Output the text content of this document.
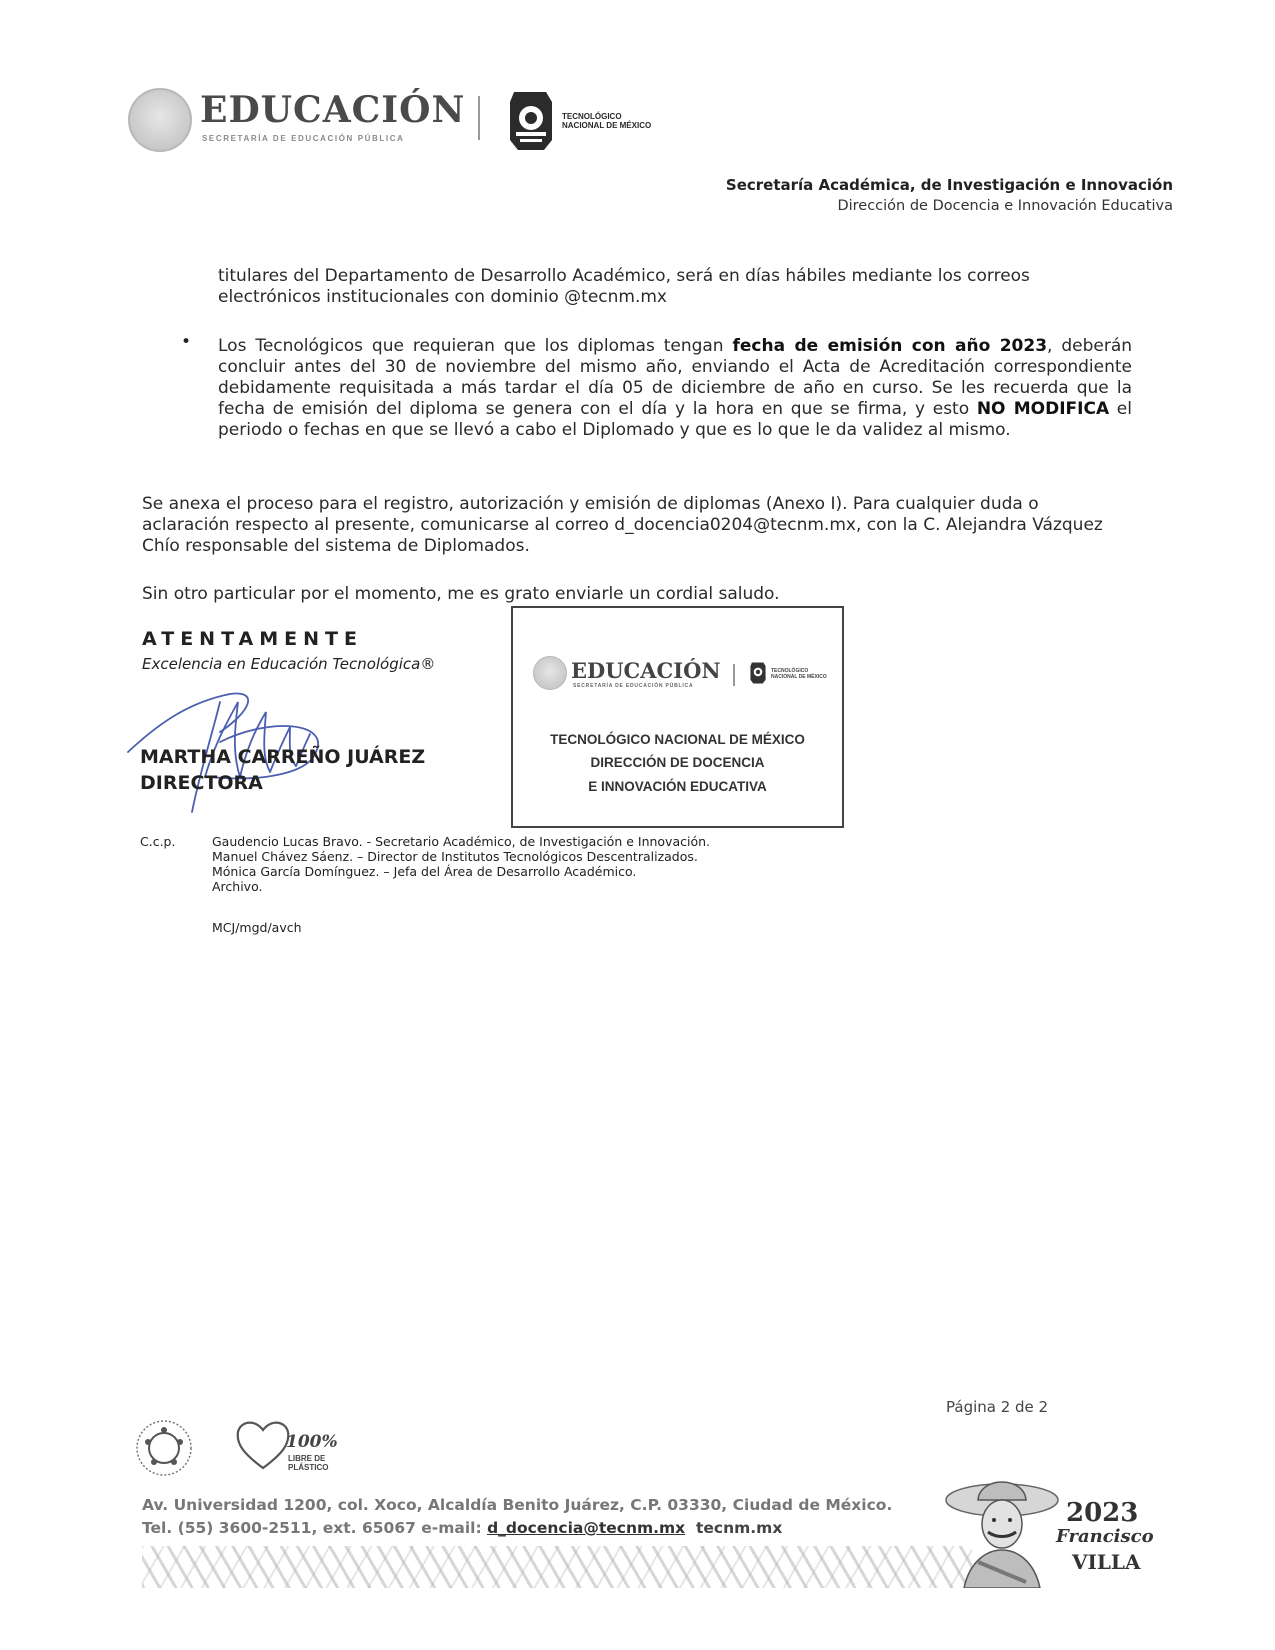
EDUCACIÓN
SECRETARÍA DE EDUCACIÓN PÚBLICA
TECNOLÓGICO
NACIONAL DE MÉXICO
Secretaría Académica, de Investigación e Innovación
Dirección de Docencia e Innovación Educativa
titulares del Departamento de Desarrollo Académico, será en días hábiles mediante los correos
electrónicos institucionales con dominio @tecnm.mx
• Los Tecnológicos que requieran que los diplomas tengan fecha de emisión con año 2023, deberán concluir antes del 30 de noviembre del mismo año, enviando el Acta de Acreditación correspondiente debidamente requisitada a más tardar el día 05 de diciembre de año en curso. Se les recuerda que la fecha de emisión del diploma se genera con el día y la hora en que se firma, y esto NO MODIFICA el periodo o fechas en que se llevó a cabo el Diplomado y que es lo que le da validez al mismo.
Se anexa el proceso para el registro, autorización y emisión de diplomas (Anexo I). Para cualquier duda o aclaración respecto al presente, comunicarse al correo d_docencia0204@tecnm.mx, con la C. Alejandra Vázquez Chío responsable del sistema de Diplomados.
Sin otro particular por el momento, me es grato enviarle un cordial saludo.
ATENTAMENTE
Excelencia en Educación Tecnológica®
MARTHA CARREÑO JUÁREZ
DIRECTORA
EDUCACIÓN
SECRETARÍA DE EDUCACIÓN PÚBLICA
TECNOLÓGICO
NACIONAL DE MÉXICO
TECNOLÓGICO NACIONAL DE MÉXICO
DIRECCIÓN DE DOCENCIA
E INNOVACIÓN EDUCATIVA
C.c.p.	Gaudencio Lucas Bravo. - Secretario Académico, de Investigación e Innovación.
Manuel Chávez Sáenz. – Director de Institutos Tecnológicos Descentralizados.
Mónica García Domínguez. – Jefa del Área de Desarrollo Académico.
Archivo.
MCJ/mgd/avch
Página 2 de 2
100%
LIBRE DE PLÁSTICO
Av. Universidad 1200, col. Xoco, Alcaldía Benito Juárez, C.P. 03330, Ciudad de México.
Tel. (55) 3600-2511, ext. 65067 e-mail: d_docencia@tecnm.mx tecnm.mx	2023
Francisco
VILLA
